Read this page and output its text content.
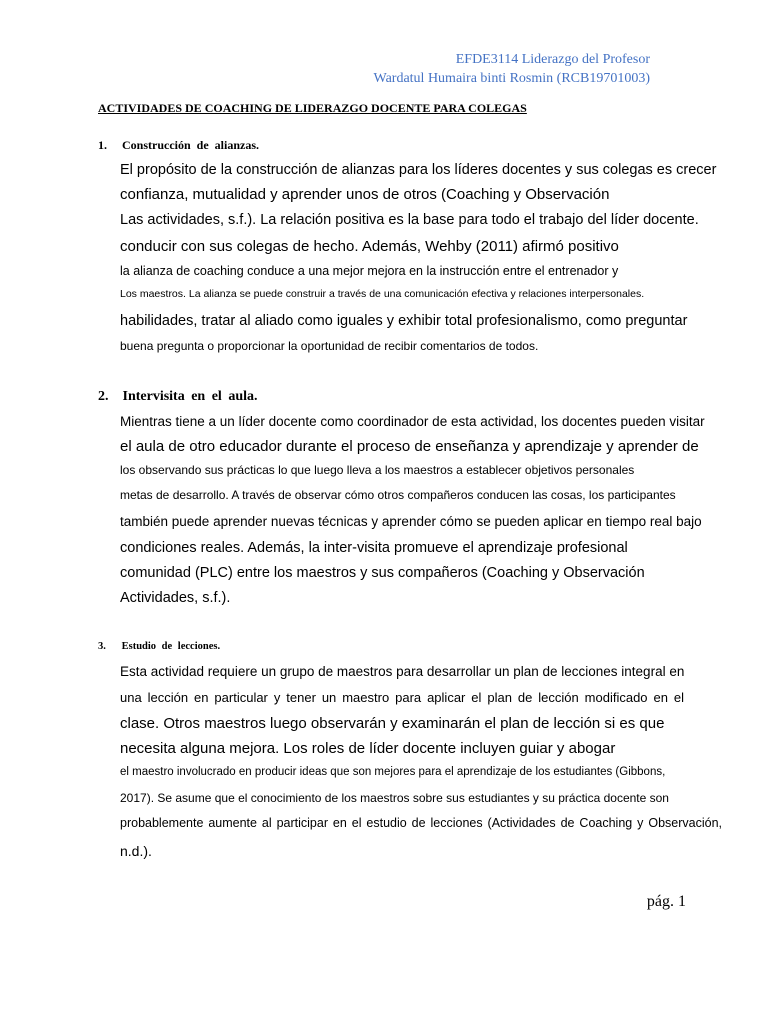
EFDE3114 Liderazgo del Profesor
Wardatul Humaira binti Rosmin (RCB19701003)
ACTIVIDADES DE COACHING DE LIDERAZGO DOCENTE PARA COLEGAS
1. Construcción de alianzas.
El propósito de la construcción de alianzas para los líderes docentes y sus colegas es crecer
confianza, mutualidad y aprender unos de otros (Coaching y Observación
Las actividades, s.f.). La relación positiva es la base para todo el trabajo del líder docente.
conducir con sus colegas de hecho. Además, Wehby (2011) afirmó positivo
la alianza de coaching conduce a una mejor mejora en la instrucción entre el entrenador y
Los maestros. La alianza se puede construir a través de una comunicación efectiva y relaciones interpersonales.
habilidades, tratar al aliado como iguales y exhibir total profesionalismo, como preguntar
buena pregunta o proporcionar la oportunidad de recibir comentarios de todos.
2. Intervisita en el aula.
Mientras tiene a un líder docente como coordinador de esta actividad, los docentes pueden visitar
el aula de otro educador durante el proceso de enseñanza y aprendizaje y aprender de
los observando sus prácticas lo que luego lleva a los maestros a establecer objetivos personales
metas de desarrollo. A través de observar cómo otros compañeros conducen las cosas, los participantes
también puede aprender nuevas técnicas y aprender cómo se pueden aplicar en tiempo real bajo
condiciones reales. Además, la inter-visita promueve el aprendizaje profesional
comunidad (PLC) entre los maestros y sus compañeros (Coaching y Observación
Actividades, s.f.).
3. Estudio de lecciones.
Esta actividad requiere un grupo de maestros para desarrollar un plan de lecciones integral en
una lección en particular y tener un maestro para aplicar el plan de lección modificado en el
clase. Otros maestros luego observarán y examinarán el plan de lección si es que
necesita alguna mejora. Los roles de líder docente incluyen guiar y abogar
el maestro involucrado en producir ideas que son mejores para el aprendizaje de los estudiantes (Gibbons,
2017). Se asume que el conocimiento de los maestros sobre sus estudiantes y su práctica docente son
probablemente aumente al participar en el estudio de lecciones (Actividades de Coaching y Observación,
n.d.).
pág. 1
